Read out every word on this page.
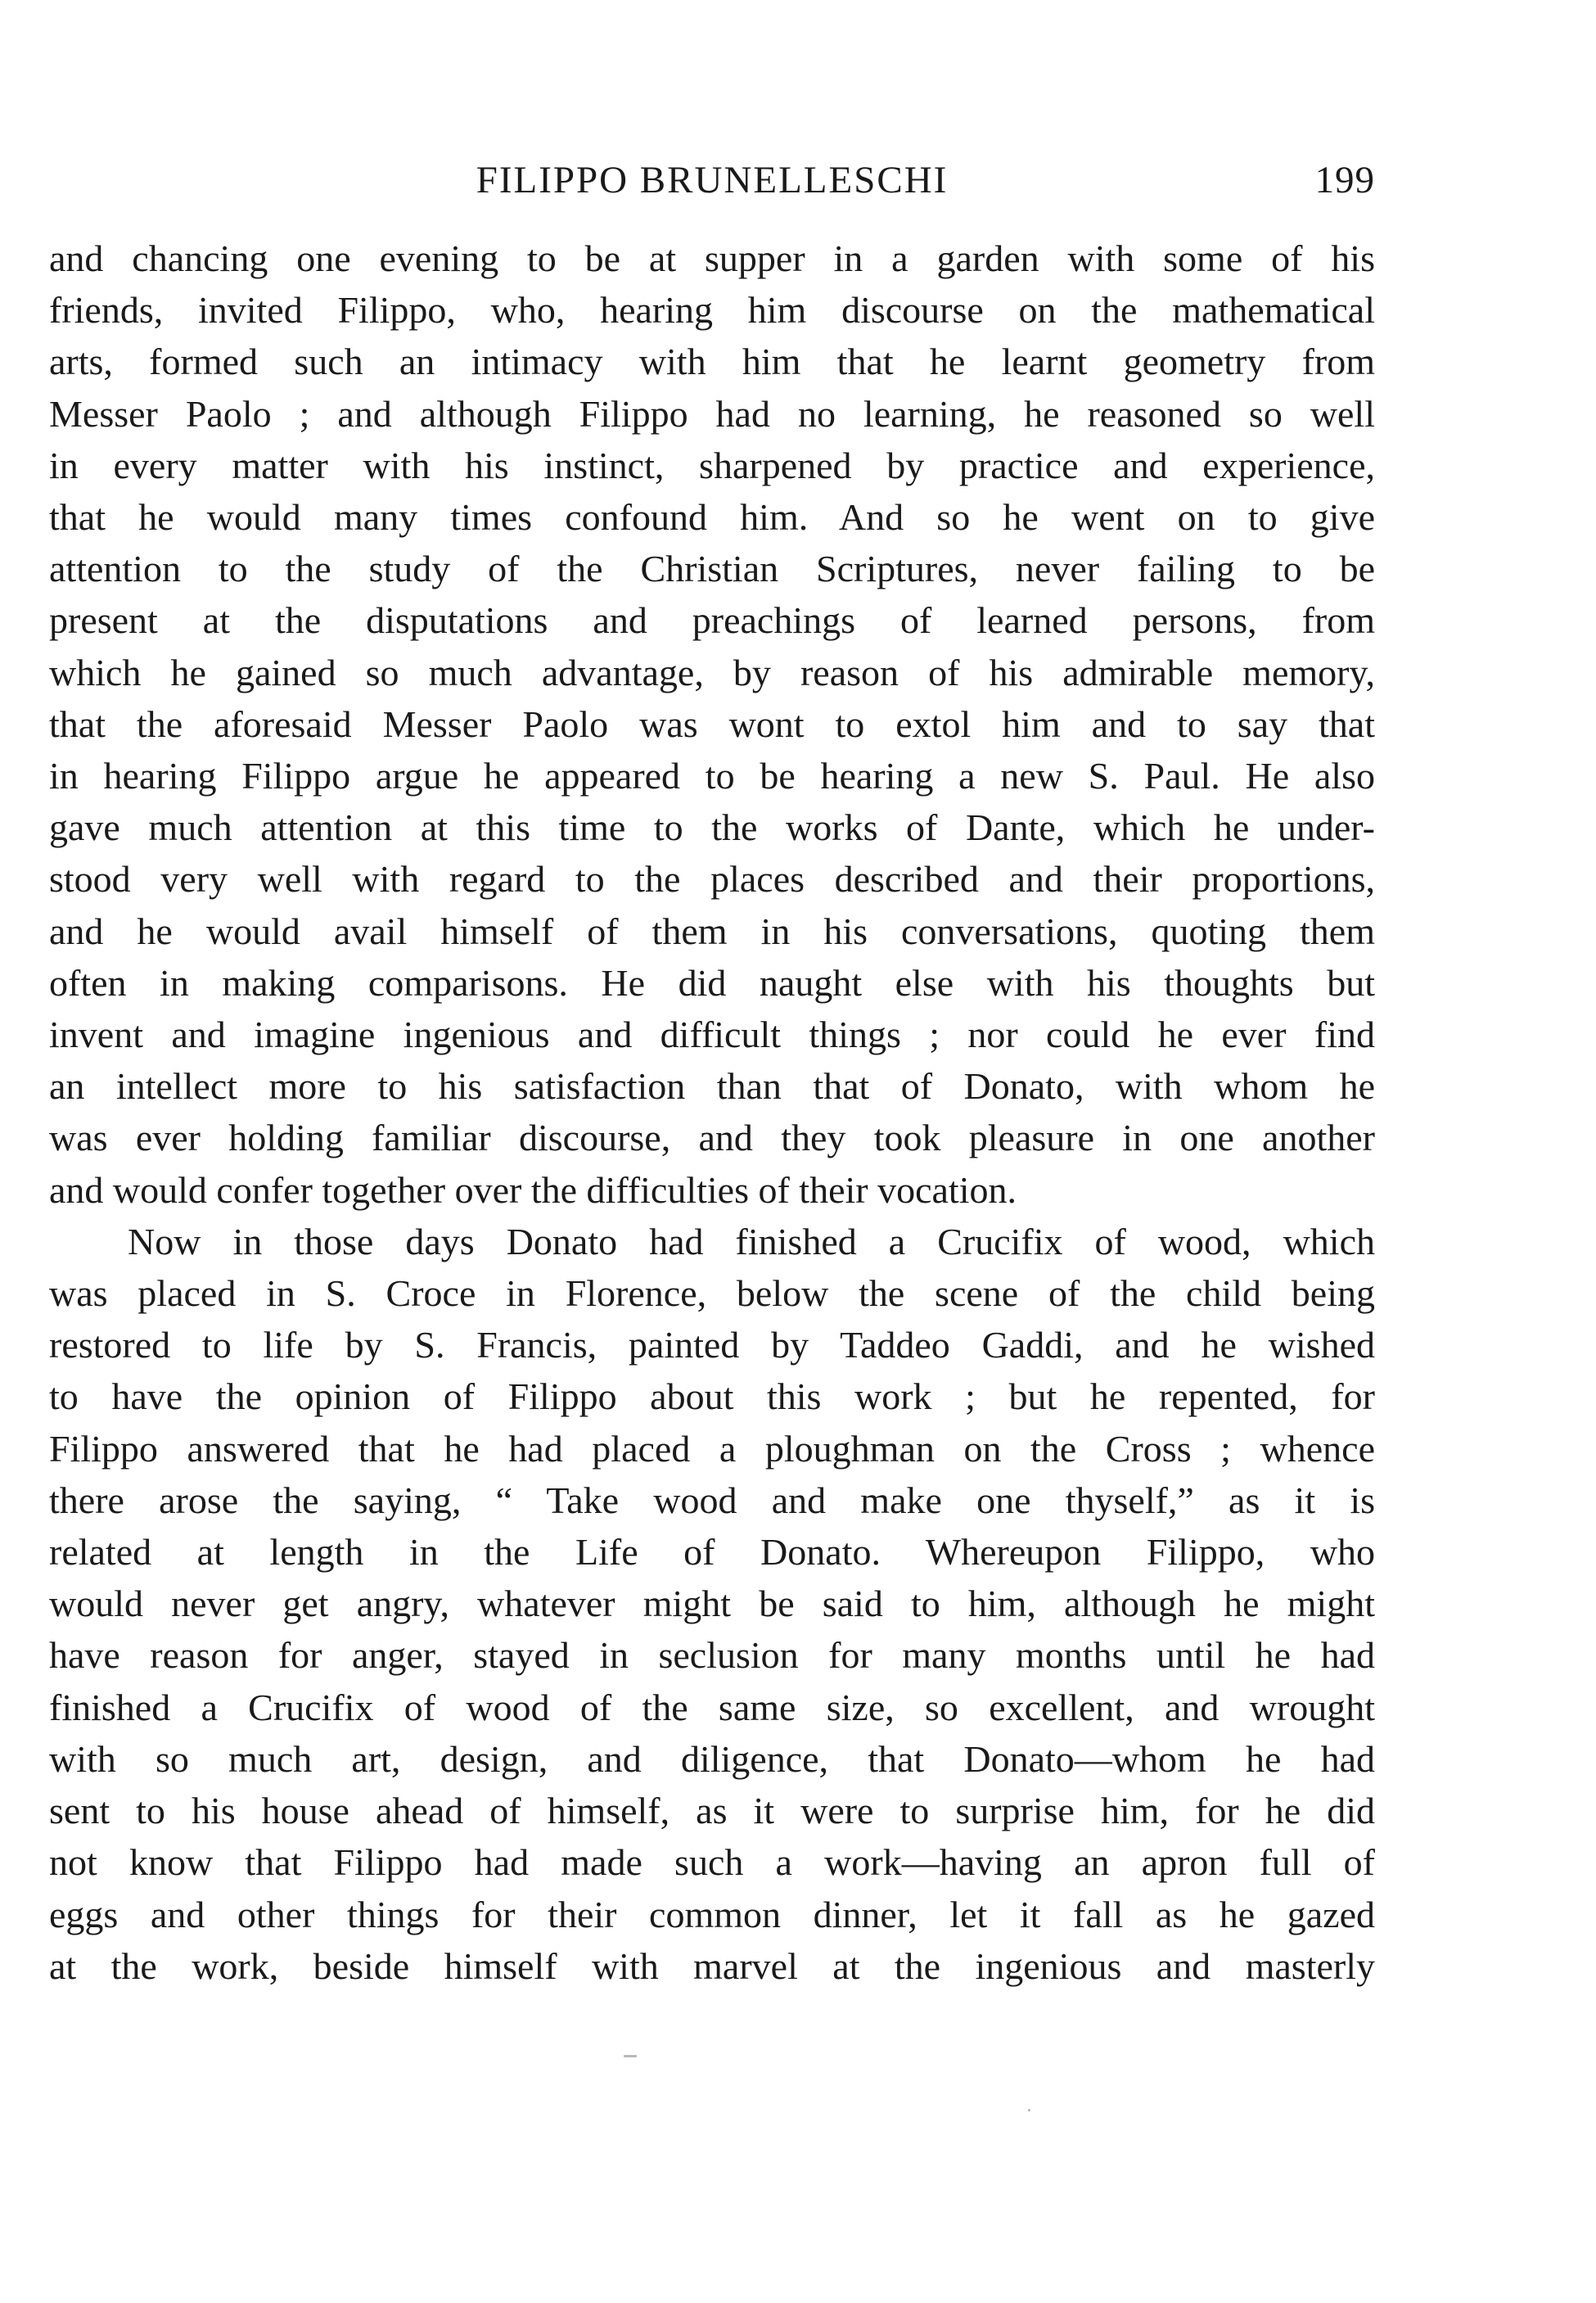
FILIPPO BRUNELLESCHI	199

and chancing one evening to be at supper in a garden with some of his

friends, invited Filippo, who, hearing him discourse on the mathematical

arts, formed such an intimacy with him that he learnt geometry from

Messer Paolo ; and although Filippo had no learning, he reasoned so well

in every matter with his instinct, sharpened by practice and experience,

that he would many times confound him. And so he went on to give

attention to the study of the Christian Scriptures, never failing to be

present at the disputations and preachings of learned persons, from

which he gained so much advantage, by reason of his admirable memory,

that the aforesaid Messer Paolo was wont to extol him and to say that

in hearing Filippo argue he appeared to be hearing a new S. Paul. He also

gave much attention at this time to the works of Dante, which he under-

stood very well with regard to the places described and their proportions,

and he would avail himself of them in his conversations, quoting them

often in making comparisons. He did naught else with his thoughts but

invent and imagine ingenious and difficult things ; nor could he ever find

an intellect more to his satisfaction than that of Donato, with whom he

was ever holding familiar discourse, and they took pleasure in one another

and would confer together over the difficulties of their vocation.

Now in those days Donato had finished a Crucifix of wood, which

was placed in S. Croce in Florence, below the scene of the child being

restored to life by S. Francis, painted by Taddeo Gaddi, and he wished

to have the opinion of Filippo about this work ; but he repented, for

Filippo answered that he had placed a ploughman on the Cross ; whence

there arose the saying, “ Take wood and make one thyself,” as it is

related at length in the Life of Donato. Whereupon Filippo, who

would never get angry, whatever might be said to him, although he might

have reason for anger, stayed in seclusion for many months until he had

finished a Crucifix of wood of the same size, so excellent, and wrought

with so much art, design, and diligence, that Donato—whom he had

sent to his house ahead of himself, as it were to surprise him, for he did

not know that Filippo had made such a work—having an apron full of

eggs and other things for their common dinner, let it fall as he gazed

at the work, beside himself with marvel at the ingenious and masterly
